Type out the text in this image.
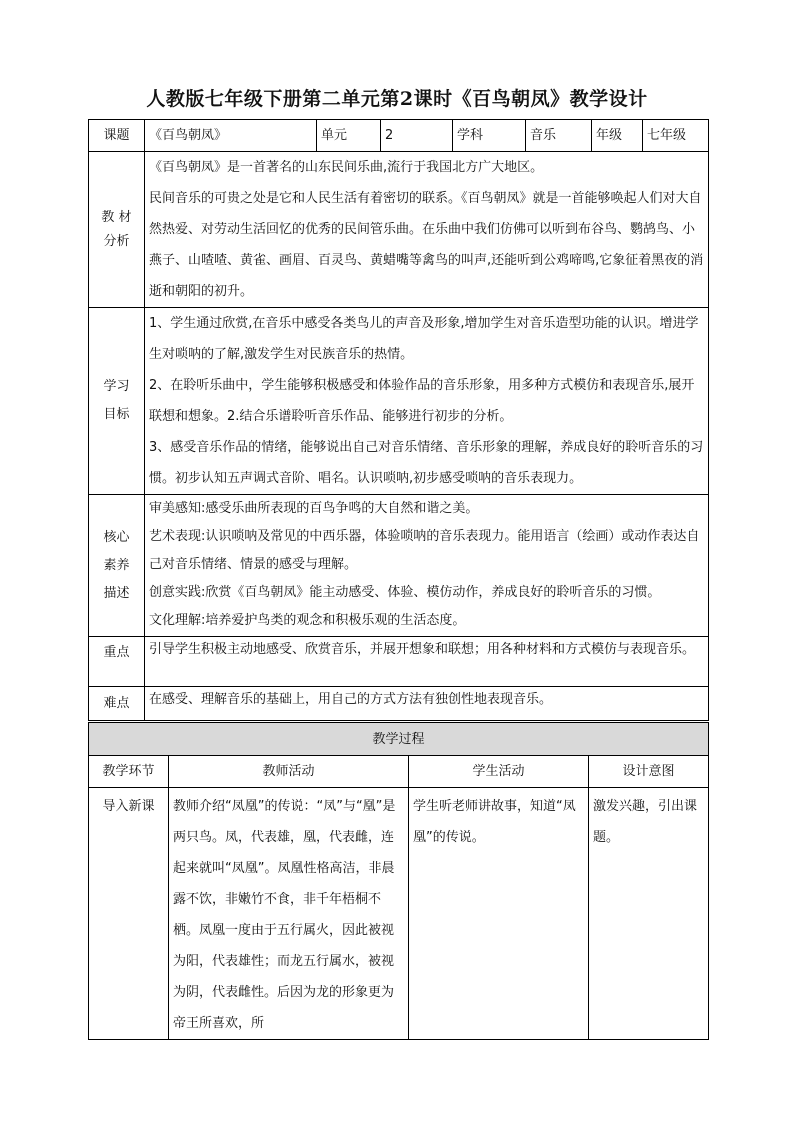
人教版七年级下册第二单元第2课时《百鸟朝凤》教学设计
课题	《百鸟朝凤》	单元	2	学科	音乐	年级	七年级
教 材
分析	《百鸟朝凤》是一首著名的山东民间乐曲,流行于我国北方广大地区。
民间音乐的可贵之处是它和人民生活有着密切的联系。《百鸟朝凤》就是一首能够唤起人们对大自然热爱、对劳动生活回忆的优秀的民间管乐曲。在乐曲中我们仿佛可以听到布谷鸟、鹦鸪鸟、小燕子、山喳喳、黄雀、画眉、百灵鸟、黄蜡嘴等禽鸟的叫声,还能听到公鸡啼鸣,它象征着黑夜的消逝和朝阳的初升。						

学习
目标	1、学生通过欣赏,在音乐中感受各类鸟儿的声音及形象,增加学生对音乐造型功能的认识。增进学生对唢呐的了解,激发学生对民族音乐的热情。
2、在聆听乐曲中，学生能够积极感受和体验作品的音乐形象，用多种方式模仿和表现音乐,展开联想和想象。2.结合乐谱聆听音乐作品、能够进行初步的分析。
3、感受音乐作品的情绪，能够说出自己对音乐情绪、音乐形象的理解，养成良好的聆听音乐的习惯。初步认知五声调式音阶、唱名。认识唢呐,初步感受唢呐的音乐表现力。						

核心
素养
描述	审美感知:感受乐曲所表现的百鸟争鸣的大自然和谐之美。
艺术表现:认识唢呐及常见的中西乐器，体验唢呐的音乐表现力。能用语言（绘画）或动作表达自己对音乐情绪、情景的感受与理解。
创意实践:欣赏《百鸟朝凤》能主动感受、体验、模仿动作，养成良好的聆听音乐的习惯。
文化理解:培养爱护鸟类的观念和积极乐观的生活态度。						

重点	引导学生积极主动地感受、欣赏音乐，并展开想象和联想；用各种材料和方式模仿与表现音乐。						
难点	在感受、理解音乐的基础上，用自己的方式方法有独创性地表现音乐。						
教学过程			
教学环节	教师活动	学生活动	设计意图
导入新课	教师介绍“凤凰”的传说：“凤”与“凰”是两只鸟。凤，代表雄，凰，代表雌，连起来就叫“凤凰”。凤凰性格高洁，非晨露不饮，非嫩竹不食，非千年梧桐不栖。凤凰一度由于五行属火，因此被视为阳，代表雄性；而龙五行属水，被视为阴，代表雌性。后因为龙的形象更为帝王所喜欢，所	学生听老师讲故事，知道“凤凰”的传说。	激发兴趣，引出课题。
